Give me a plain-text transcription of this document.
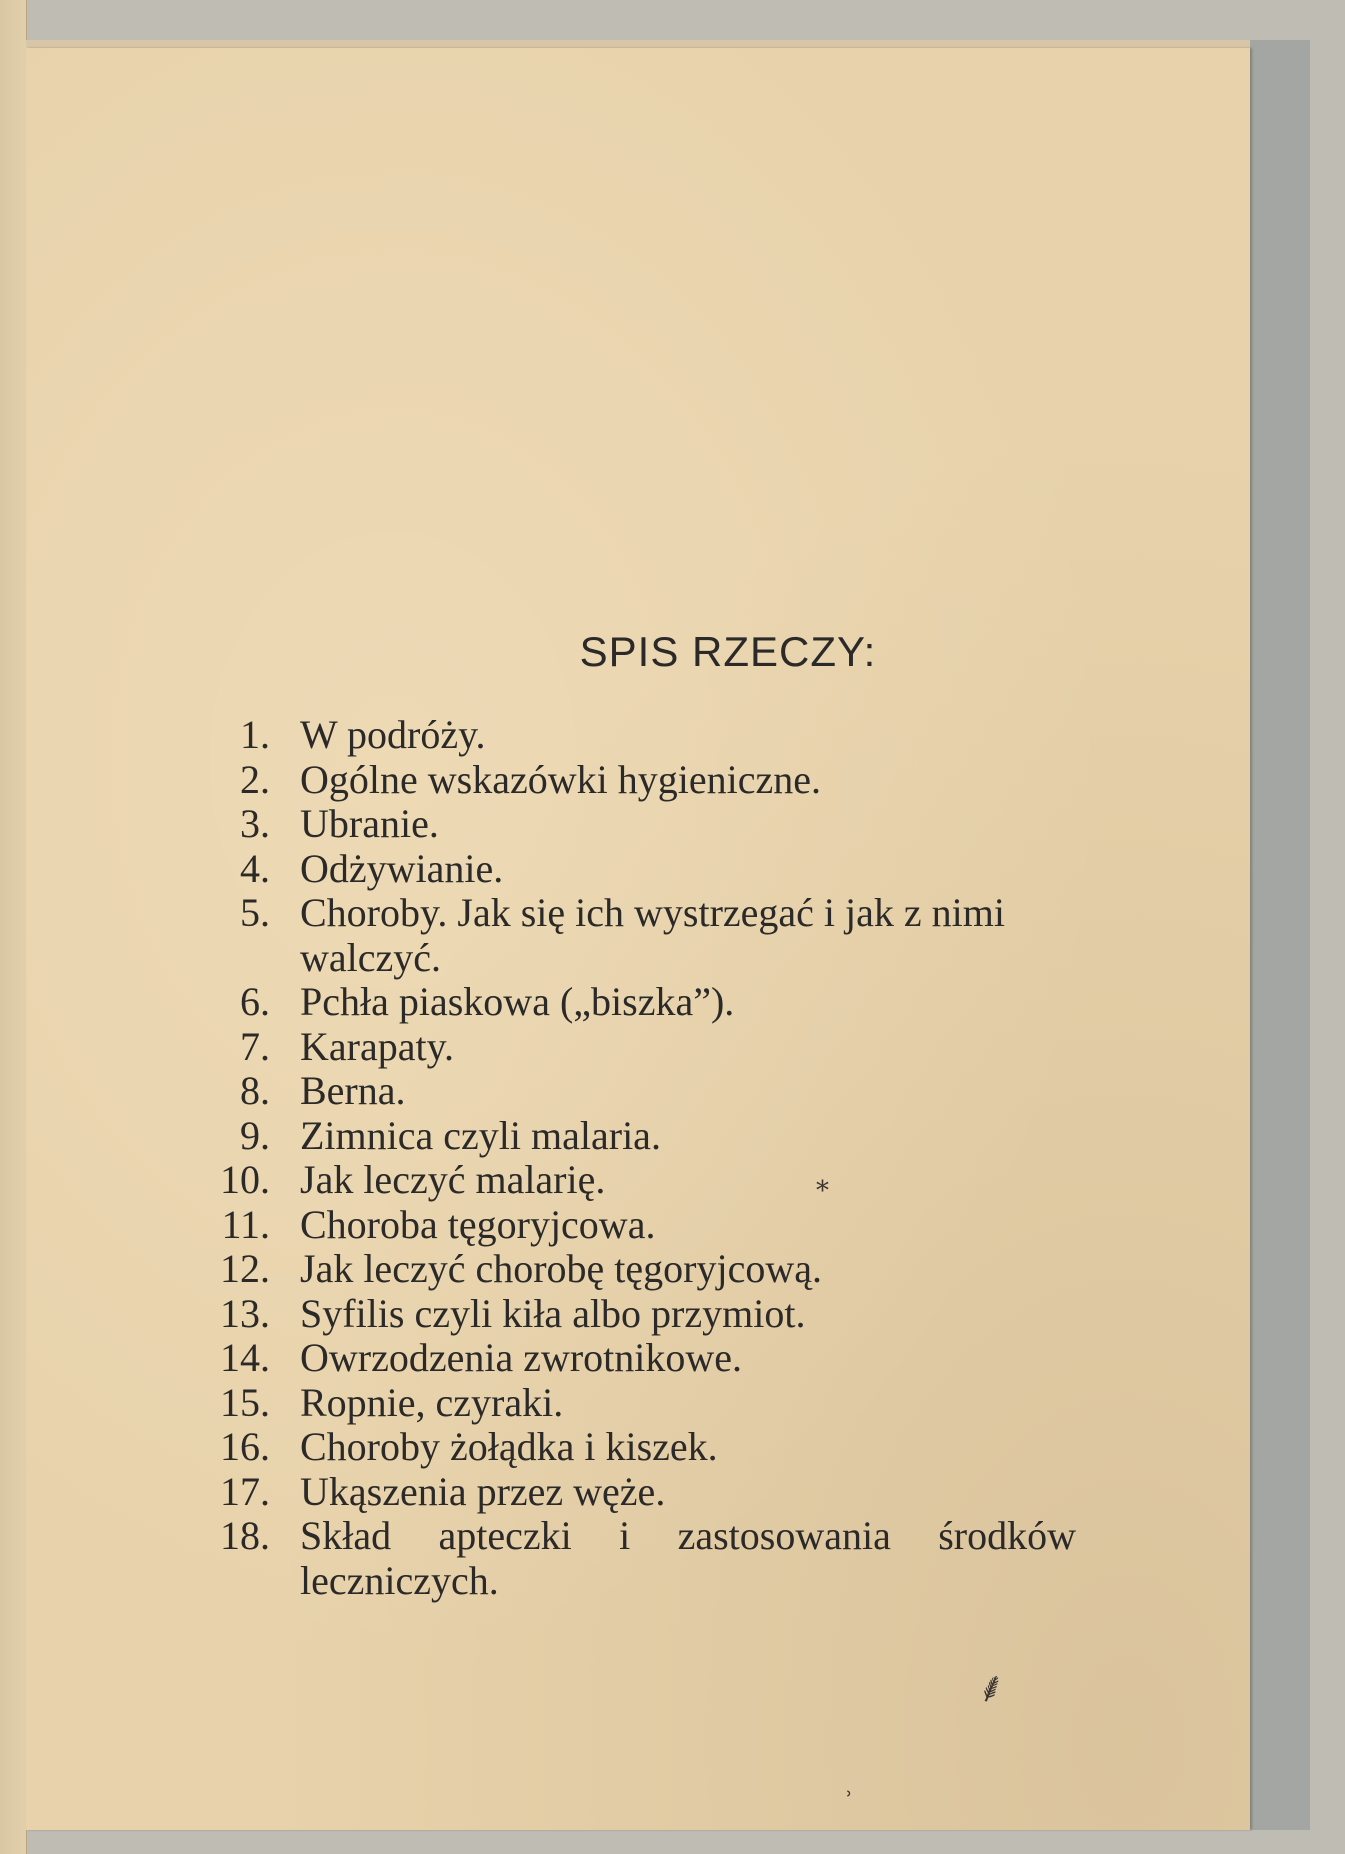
SPIS RZECZY:
1. W podróży.
2. Ogólne wskazówki hygieniczne.
3. Ubranie.
4. Odżywianie.
5. Choroby. Jak się ich wystrzegać i jak z nimi walczyć.
6. Pchła piaskowa („biszka”).
7. Karapaty.
8. Berna.
9. Zimnica czyli malaria.
10. Jak leczyć malarię.
11. Choroba tęgoryjcowa.
12. Jak leczyć chorobę tęgoryjcową.
13. Syfilis czyli kiła albo przymiot.
14. Owrzodzenia zwrotnikowe.
15. Ropnie, czyraki.
16. Choroby żołądka i kiszek.
17. Ukąszenia przez węże.
18. Skład apteczki i zastosowania środków leczniczych.
⸙
⁎
˒
